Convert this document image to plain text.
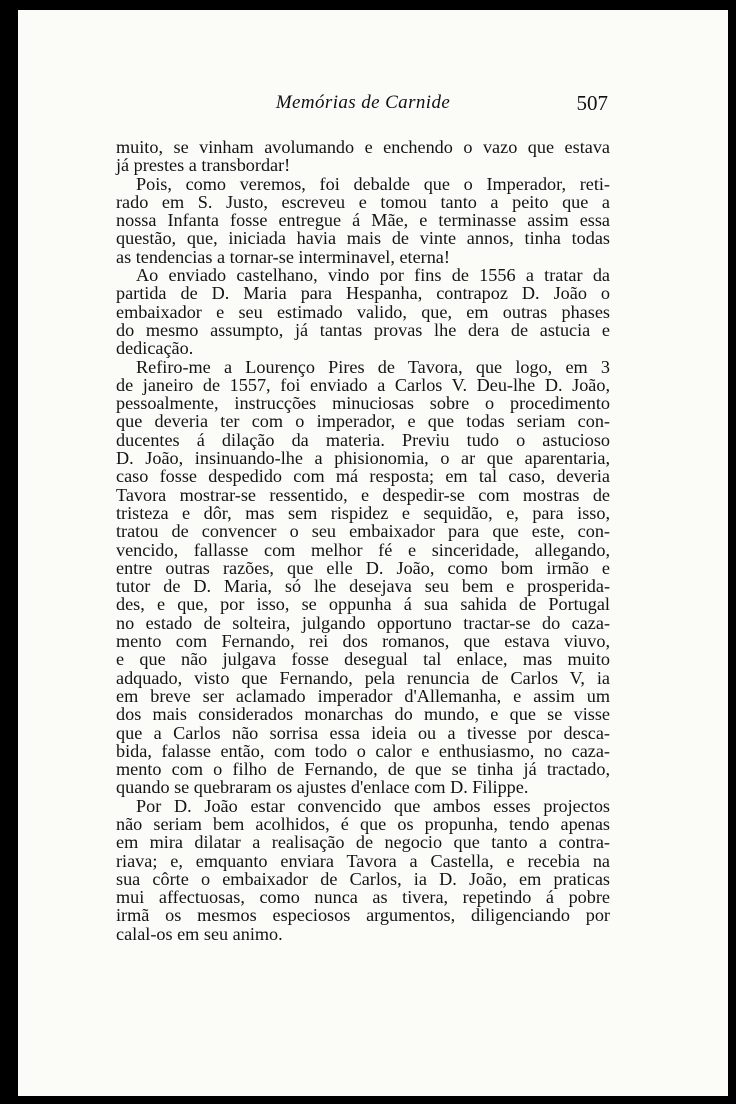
Memórias de Carnide	507
muito, se vinham avolumando e enchendo o vazo que estava
já prestes a transbordar!
Pois, como veremos, foi debalde que o Imperador, reti-
rado em S. Justo, escreveu e tomou tanto a peito que a
nossa Infanta fosse entregue á Mãe, e terminasse assim essa
questão, que, iniciada havia mais de vinte annos, tinha todas
as tendencias a tornar-se interminavel, eterna!
Ao enviado castelhano, vindo por fins de 1556 a tratar da
partida de D. Maria para Hespanha, contrapoz D. João o
embaixador e seu estimado valido, que, em outras phases
do mesmo assumpto, já tantas provas lhe dera de astucia e
dedicação.
Refiro-me a Lourenço Pires de Tavora, que logo, em 3
de janeiro de 1557, foi enviado a Carlos V. Deu-lhe D. João,
pessoalmente, instrucções minuciosas sobre o procedimento
que deveria ter com o imperador, e que todas seriam con-
ducentes á dilação da materia. Previu tudo o astucioso
D. João, insinuando-lhe a phisionomia, o ar que aparentaria,
caso fosse despedido com má resposta; em tal caso, deveria
Tavora mostrar-se ressentido, e despedir-se com mostras de
tristeza e dôr, mas sem rispidez e sequidão, e, para isso,
tratou de convencer o seu embaixador para que este, con-
vencido, fallasse com melhor fé e sinceridade, allegando,
entre outras razões, que elle D. João, como bom irmão e
tutor de D. Maria, só lhe desejava seu bem e prosperida-
des, e que, por isso, se oppunha á sua sahida de Portugal
no estado de solteira, julgando opportuno tractar-se do caza-
mento com Fernando, rei dos romanos, que estava viuvo,
e que não julgava fosse desegual tal enlace, mas muito
adquado, visto que Fernando, pela renuncia de Carlos V, ia
em breve ser aclamado imperador d'Allemanha, e assim um
dos mais considerados monarchas do mundo, e que se visse
que a Carlos não sorrisa essa ideia ou a tivesse por desca-
bida, falasse então, com todo o calor e enthusiasmo, no caza-
mento com o filho de Fernando, de que se tinha já tractado,
quando se quebraram os ajustes d'enlace com D. Filippe.
Por D. João estar convencido que ambos esses projectos
não seriam bem acolhidos, é que os propunha, tendo apenas
em mira dilatar a realisação de negocio que tanto a contra-
riava; e, emquanto enviara Tavora a Castella, e recebia na
sua côrte o embaixador de Carlos, ia D. João, em praticas
mui affectuosas, como nunca as tivera, repetindo á pobre
irmã os mesmos especiosos argumentos, diligenciando por
calal-os em seu animo.
